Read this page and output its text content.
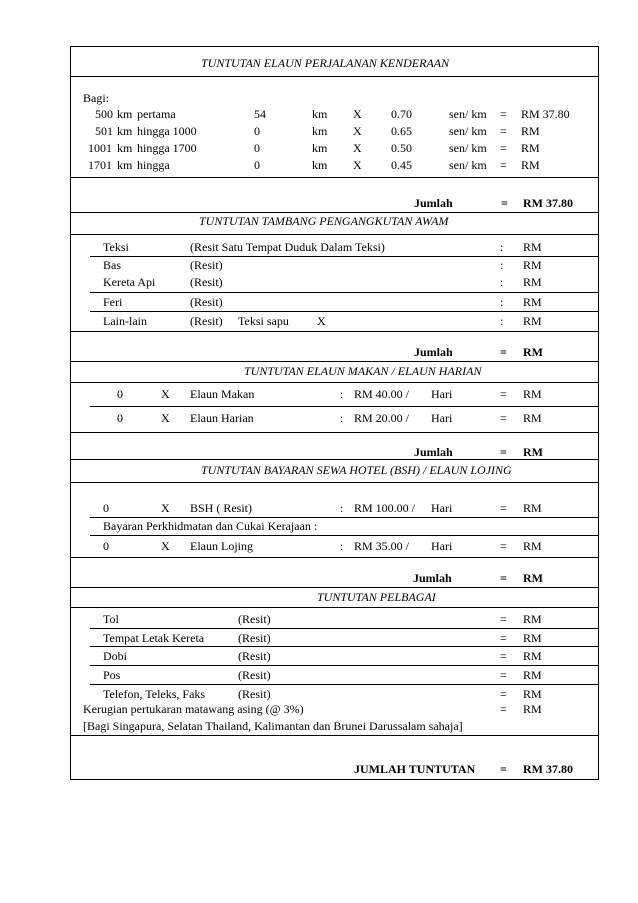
TUNTUTAN ELAUN PERJALANAN KENDERAAN
Bagi:
500 km pertama	54	km X 0.70	sen/ km = RM 37.80
501 km hingga 1000	0	km X 0.65	sen/ km = RM
1001 km hingga 1700	0	km X 0.50	sen/ km = RM
1701 km hingga	0	km X 0.45	sen/ km = RM
Jumlah	= RM 37.80
TUNTUTAN TAMBANG PENGANGKUTAN AWAM
Teksi	(Resit Satu Tempat Duduk Dalam Teksi)	: RM
Bas	(Resit)	: RM
Kereta Api	(Resit)	: RM
Feri	(Resit)	: RM
Lain-lain	(Resit) Teksi sapu X	: RM
Jumlah	= RM
TUNTUTAN ELAUN MAKAN / ELAUN HARIAN
0	X Elaun Makan	: RM 40.00 / Hari	= RM
0	X Elaun Harian	: RM 20.00 / Hari	= RM
Jumlah	= RM
TUNTUTAN BAYARAN SEWA HOTEL (BSH) / ELAUN LOJING
0	X BSH ( Resit)	: RM 100.00 / Hari	= RM
Bayaran Perkhidmatan dan Cukai Kerajaan :
0	X Elaun Lojing	: RM 35.00 / Hari	= RM
Jumlah	= RM
TUNTUTAN PELBAGAI
Tol	(Resit)	= RM
Tempat Letak Kereta	(Resit)	= RM
Dobi	(Resit)	= RM
Pos	(Resit)	= RM
Telefon, Teleks, Faks	(Resit)	= RM
Kerugian pertukaran matawang asing (@ 3%)	= RM
[Bagi Singapura, Selatan Thailand, Kalimantan dan Brunei Darussalam sahaja]
JUMLAH TUNTUTAN = RM 37.80
